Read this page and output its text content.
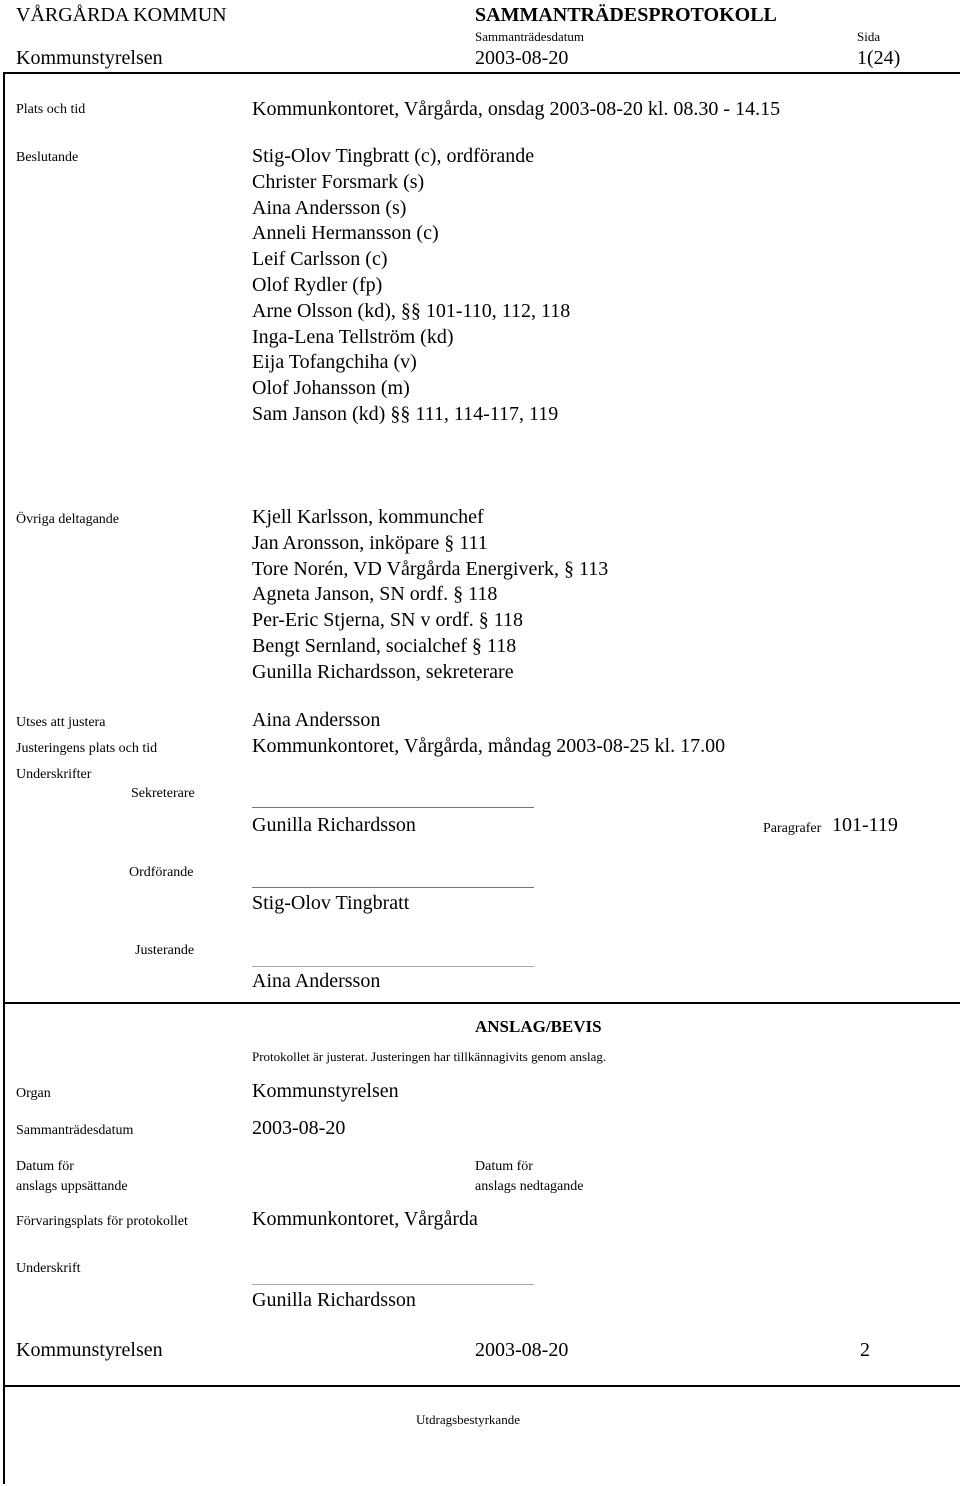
VÅRGÅRDA KOMMUN	SAMMANTRÄDESPROTOKOLL
Sammanträdesdatum	Sida
Kommunstyrelsen	2003-08-20	1(24)
Plats och tid	Kommunkontoret, Vårgårda, onsdag 2003-08-20 kl. 08.30 - 14.15
Beslutande	Stig-Olov Tingbratt (c), ordförande
Christer Forsmark (s)
Aina Andersson (s)
Anneli Hermansson (c)
Leif Carlsson (c)
Olof Rydler (fp)
Arne Olsson (kd), §§ 101-110, 112, 118
Inga-Lena Tellström (kd)
Eija Tofangchiha (v)
Olof Johansson (m)
Sam Janson (kd) §§ 111, 114-117, 119
Övriga deltagande	Kjell Karlsson, kommunchef
Jan Aronsson, inköpare § 111
Tore Norén, VD Vårgårda Energiverk, § 113
Agneta Janson, SN ordf. § 118
Per-Eric Stjerna, SN v ordf. § 118
Bengt Sernland, socialchef § 118
Gunilla Richardsson, sekreterare
Utses att justera	Aina Andersson
Justeringens plats och tid	Kommunkontoret, Vårgårda, måndag 2003-08-25 kl. 17.00
Underskrifter
Sekreterare
Gunilla Richardsson	Paragrafer 101-119
Ordförande
Stig-Olov Tingbratt
Justerande
Aina Andersson
ANSLAG/BEVIS
Protokollet är justerat. Justeringen har tillkännagivits genom anslag.
Organ	Kommunstyrelsen
Sammanträdesdatum	2003-08-20
Datum för
anslags uppsättande
Datum för
anslags nedtagande
Förvaringsplats för protokollet	Kommunkontoret, Vårgårda
Underskrift
Gunilla Richardsson
Kommunstyrelsen	2003-08-20	2
Utdragsbestyrkande
